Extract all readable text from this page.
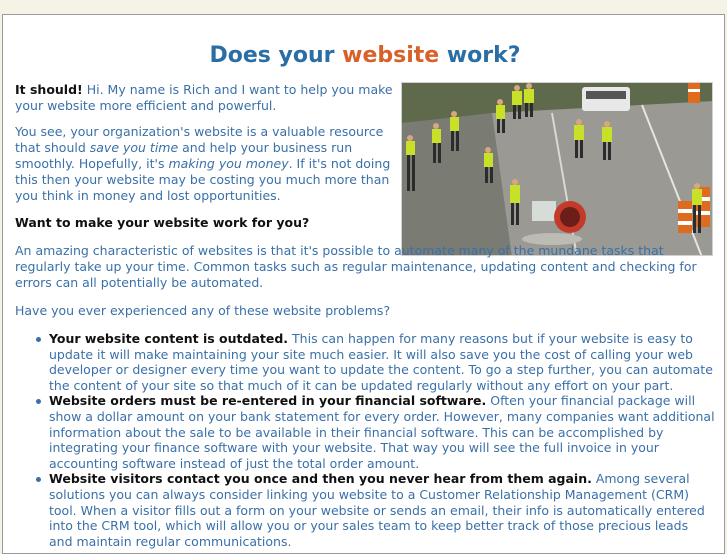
Does your website work?

It should! Hi. My name is Rich and I want to help you make your website more efficient and powerful.

You see, your organization's website is a valuable resource that should save you time and help your business run smoothly. Hopefully, it's making you money. If it's not doing this then your website may be costing you much more than you think in money and lost opportunities.

Want to make your website work for you?

An amazing characteristic of websites is that it's possible to automate many of the mundane tasks that regularly take up your time. Common tasks such as regular maintenance, updating content and checking for errors can all potentially be automated.

Have you ever experienced any of these website problems?

Your website content is outdated. This can happen for many reasons but if your website is easy to update it will make maintaining your site much easier. It will also save you the cost of calling your web developer or designer every time you want to update the content. To go a step further, you can automate the content of your site so that much of it can be updated regularly without any effort on your part.
Website orders must be re-entered in your financial software. Often your financial package will show a dollar amount on your bank statement for every order. However, many companies want additional information about the sale to be available in their financial software. This can be accomplished by integrating your finance software with your website. That way you will see the full invoice in your accounting software instead of just the total order amount.
Website visitors contact you once and then you never hear from them again. Among several solutions you can always consider linking you website to a Customer Relationship Management (CRM) tool. When a visitor fills out a form on your website or sends an email, their info is automatically entered into the CRM tool, which will allow you or your sales team to keep better track of those precious leads and maintain regular communications.
